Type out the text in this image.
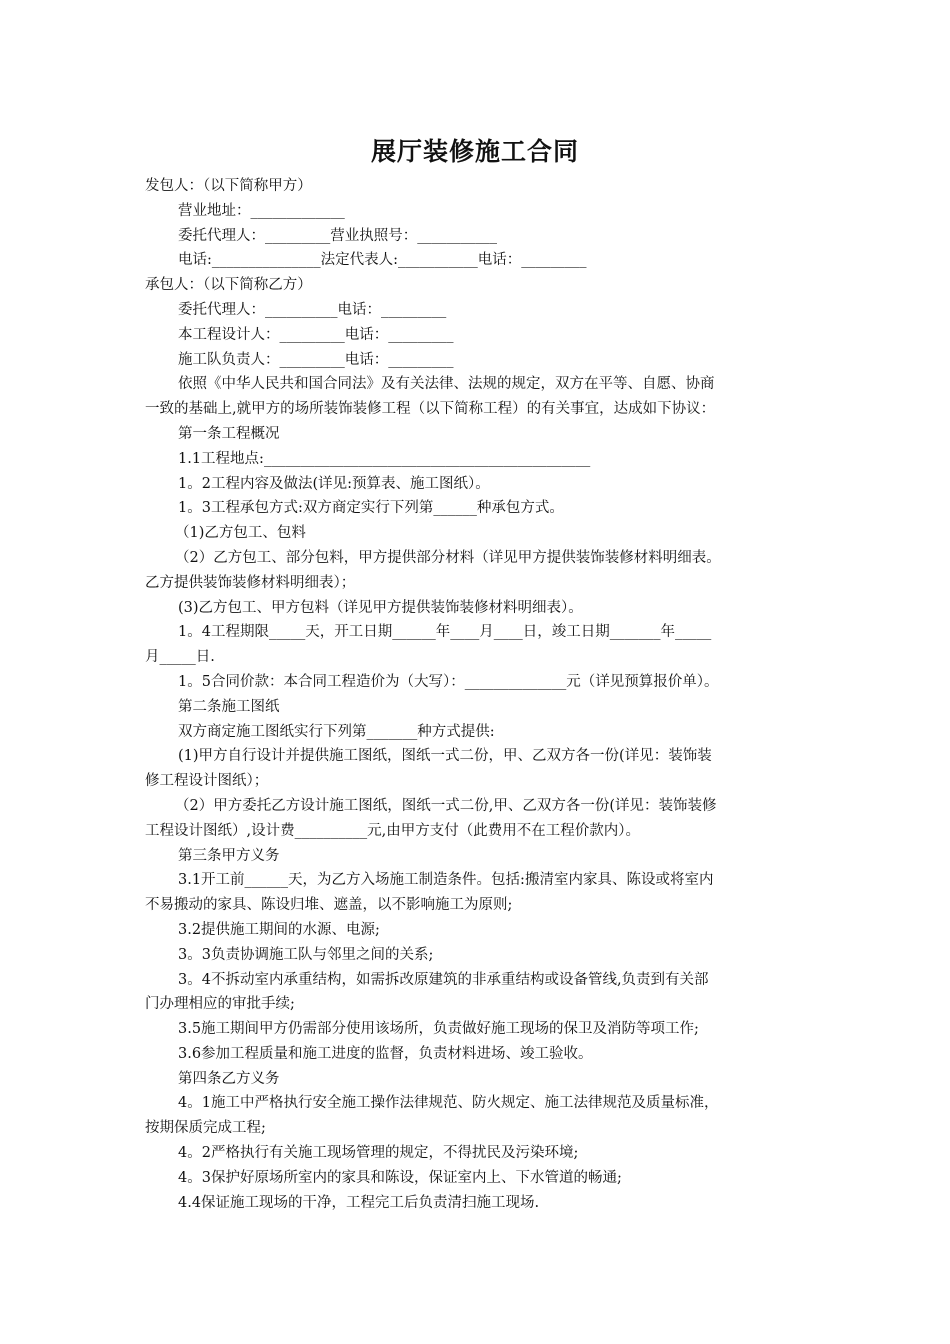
展厅装修施工合同
发包人：（以下简称甲方）
营业地址：_____________
委托代理人：_________营业执照号：___________
电话:_______________法定代表人:___________电话：_________
承包人：（以下简称乙方）
委托代理人：__________电话：_________
本工程设计人：_________电话：_________
施工队负责人：_________电话：_________
依照《中华人民共和国合同法》及有关法律、法规的规定，双方在平等、自愿、协商
一致的基础上,就甲方的场所装饰装修工程（以下简称工程）的有关事宜，达成如下协议：
第一条工程概况
1.1工程地点:_____________________________________________
1。2工程内容及做法(详见:预算表、施工图纸）。
1。3工程承包方式:双方商定实行下列第______种承包方式。
（1)乙方包工、包料
（2）乙方包工、部分包料，甲方提供部分材料（详见甲方提供装饰装修材料明细表。
乙方提供装饰装修材料明细表）；
(3)乙方包工、甲方包料（详见甲方提供装饰装修材料明细表）。
1。4工程期限_____天，开工日期______年____月____日，竣工日期_______年_____
月_____日.
1。5合同价款：本合同工程造价为（大写）：______________元（详见预算报价单）。
第二条施工图纸
双方商定施工图纸实行下列第_______种方式提供:
(1)甲方自行设计并提供施工图纸，图纸一式二份，甲、乙双方各一份(详见：装饰装
修工程设计图纸）；
（2）甲方委托乙方设计施工图纸，图纸一式二份,甲、乙双方各一份(详见：装饰装修
工程设计图纸）,设计费__________元,由甲方支付（此费用不在工程价款内）。
第三条甲方义务
3.1开工前______天，为乙方入场施工制造条件。包括:搬清室内家具、陈设或将室内
不易搬动的家具、陈设归堆、遮盖，以不影响施工为原则;
3.2提供施工期间的水源、电源;
3。3负责协调施工队与邻里之间的关系;
3。4不拆动室内承重结构，如需拆改原建筑的非承重结构或设备管线,负责到有关部
门办理相应的审批手续;
3.5施工期间甲方仍需部分使用该场所，负责做好施工现场的保卫及消防等项工作;
3.6参加工程质量和施工进度的监督，负责材料进场、竣工验收。
第四条乙方义务
4。1施工中严格执行安全施工操作法律规范、防火规定、施工法律规范及质量标准，
按期保质完成工程;
4。2严格执行有关施工现场管理的规定，不得扰民及污染环境;
4。3保护好原场所室内的家具和陈设，保证室内上、下水管道的畅通;
4.4保证施工现场的干净，工程完工后负责清扫施工现场.
